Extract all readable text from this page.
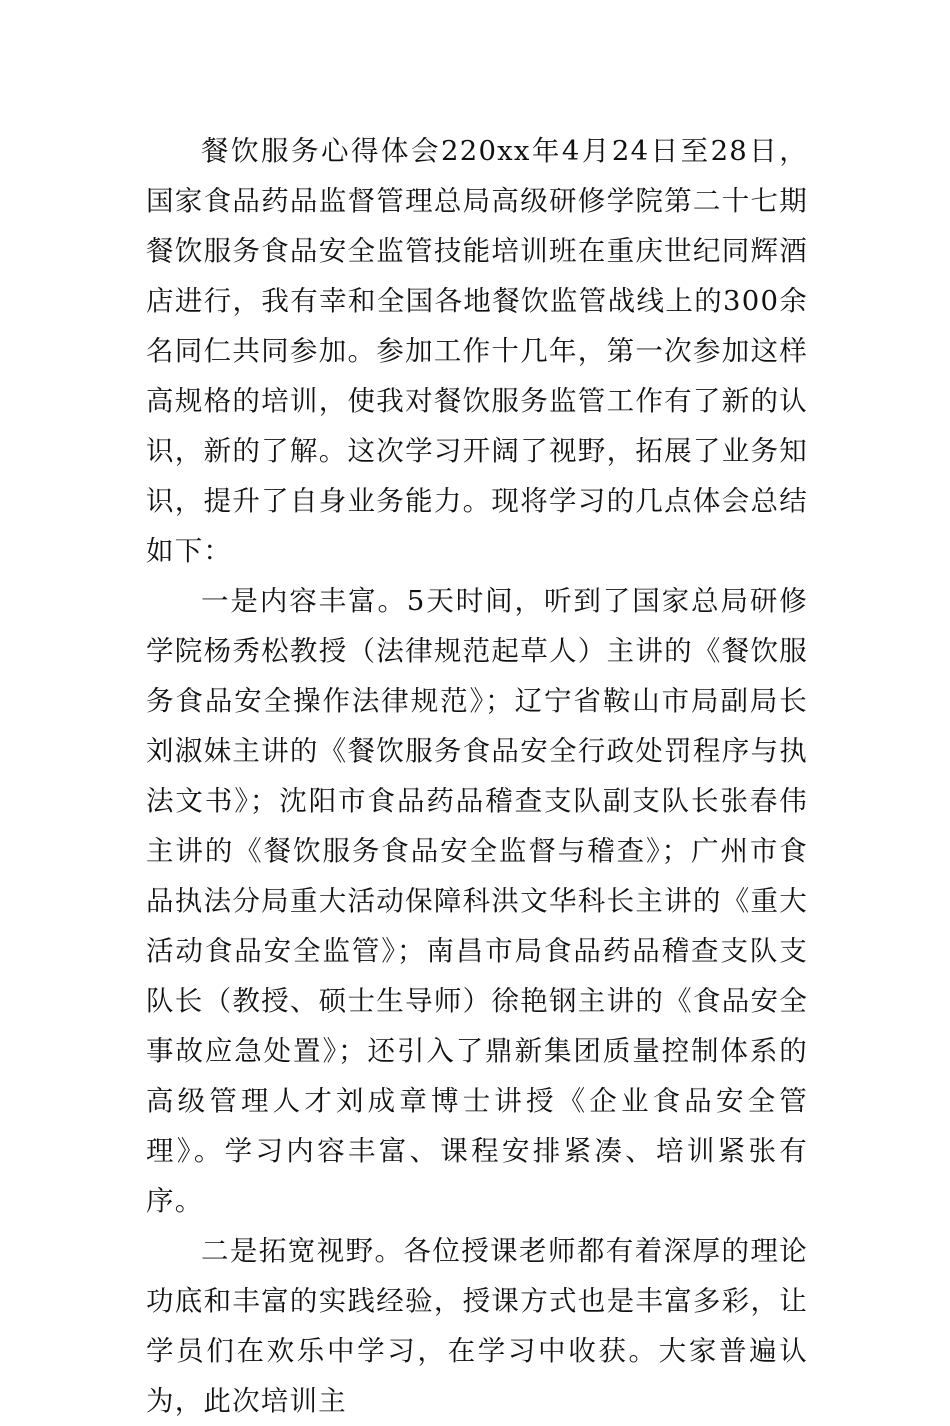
餐饮服务心得体会220xx年4月24日至28日，国家食品药品监督管理总局高级研修学院第二十七期餐饮服务食品安全监管技能培训班在重庆世纪同辉酒店进行，我有幸和全国各地餐饮监管战线上的300余名同仁共同参加。参加工作十几年，第一次参加这样高规格的培训，使我对餐饮服务监管工作有了新的认识，新的了解。这次学习开阔了视野，拓展了业务知识，提升了自身业务能力。现将学习的几点体会总结如下：

一是内容丰富。5天时间，听到了国家总局研修学院杨秀松教授（法律规范起草人）主讲的《餐饮服务食品安全操作法律规范》；辽宁省鞍山市局副局长刘淑妹主讲的《餐饮服务食品安全行政处罚程序与执法文书》；沈阳市食品药品稽查支队副支队长张春伟主讲的《餐饮服务食品安全监督与稽查》；广州市食品执法分局重大活动保障科洪文华科长主讲的《重大活动食品安全监管》；南昌市局食品药品稽查支队支队长（教授、硕士生导师）徐艳钢主讲的《食品安全事故应急处置》；还引入了鼎新集团质量控制体系的高级管理人才刘成章博士讲授《企业食品安全管理》。学习内容丰富、课程安排紧凑、培训紧张有序。

二是拓宽视野。各位授课老师都有着深厚的理论功底和丰富的实践经验，授课方式也是丰富多彩，让学员们在欢乐中学习，在学习中收获。大家普遍认为，此次培训主
